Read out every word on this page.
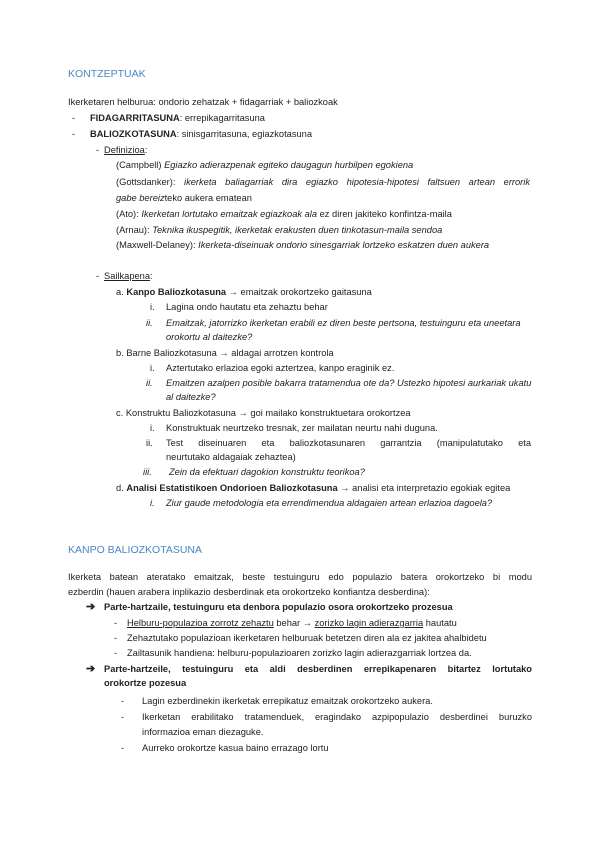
KONTZEPTUAK
Ikerketaren helburua: ondorio zehatzak + fidagarriak + baliozkoak
- FIDAGARRITASUNA: errepikagarritasuna
- BALIOZKOTASUNA: sinisgarritasuna, egiazkotasuna
- Definizioa:
(Campbell) Egiazko adierazpenak egiteko daugagun hurbilpen egokiena
(Gottsdanker): ikerketa baliagarriak dira egiazko hipotesia-hipotesi faltsuen artean errorik
gabe bereizteko aukera ematean
(Ato): Ikerketan lortutako emaitzak egiazkoak ala ez diren jakiteko konfintza-maila
(Arnau): Teknika ikuspegitik, ikerketak erakusten duen tinkotasun-maila sendoa
(Maxwell-Delaney): Ikerketa-diseinuak ondorio sinesgarriak lortzeko eskatzen duen aukera
- Sailkapena:
a. Kanpo Baliozkotasuna → emaitzak orokortzeko gaitasuna
i. Lagina ondo hautatu eta zehaztu behar
ii. Emaitzak, jatorrizko ikerketan erabili ez diren beste pertsona, testuinguru eta uneetara
orokortu al daitezke?
b. Barne Baliozkotasuna → aldagai arrotzen kontrola
i. Aztertutako erlazioa egoki aztertzea, kanpo eraginik ez.
ii. Emaitzen azalpen posible bakarra tratamendua ote da? Ustezko hipotesi aurkariak ukatu
al daitezke?
c. Konstruktu Baliozkotasuna → goi mailako konstruktuetara orokortzea
i. Konstruktuak neurtzeko tresnak, zer mailatan neurtu nahi duguna.
ii. Test diseinuaren eta baliozkotasunaren garrantzia (manipulatutako eta
neurtutako aldagaiak zehaztea)
iii. Zein da efektuari dagokion konstruktu teorikoa?
d. Analisi Estatistikoen Ondorioen Baliozkotasuna → analisi eta interpretazio egokiak egitea
i. Ziur gaude metodologia eta errendimendua aldagaien artean erlazioa dagoela?
KANPO BALIOZKOTASUNA
Ikerketa batean ateratako emaitzak, beste testuinguru edo populazio batera orokortzeko bi modu
ezberdin (hauen arabera inplikazio desberdinak eta orokortzeko konfiantza desberdina):
➔ Parte-hartzaile, testuinguru eta denbora populazio osora orokortzeko prozesua
- Helburu-populazioa zorrotz zehaztu behar → zorizko lagin adierazgarria hautatu
- Zehaztutako populazioan ikerketaren helburuak betetzen diren ala ez jakitea ahalbidetu
- Zailtasunik handiena: helburu-populazioaren zorizko lagin adierazgarriak lortzea da.
➔ Parte-hartzeile, testuinguru eta aldi desberdinen errepikapenaren bitartez lortutako
orokortze pozesua
- Lagin ezberdinekin ikerketak errepikatuz emaitzak orokortzeko aukera.
- Ikerketan erabilitako tratamenduek, eragindako azpipopulazio desberdinei buruzko
informazioa eman diezaguke.
- Aurreko orokortze kasua baino errazago lortu
